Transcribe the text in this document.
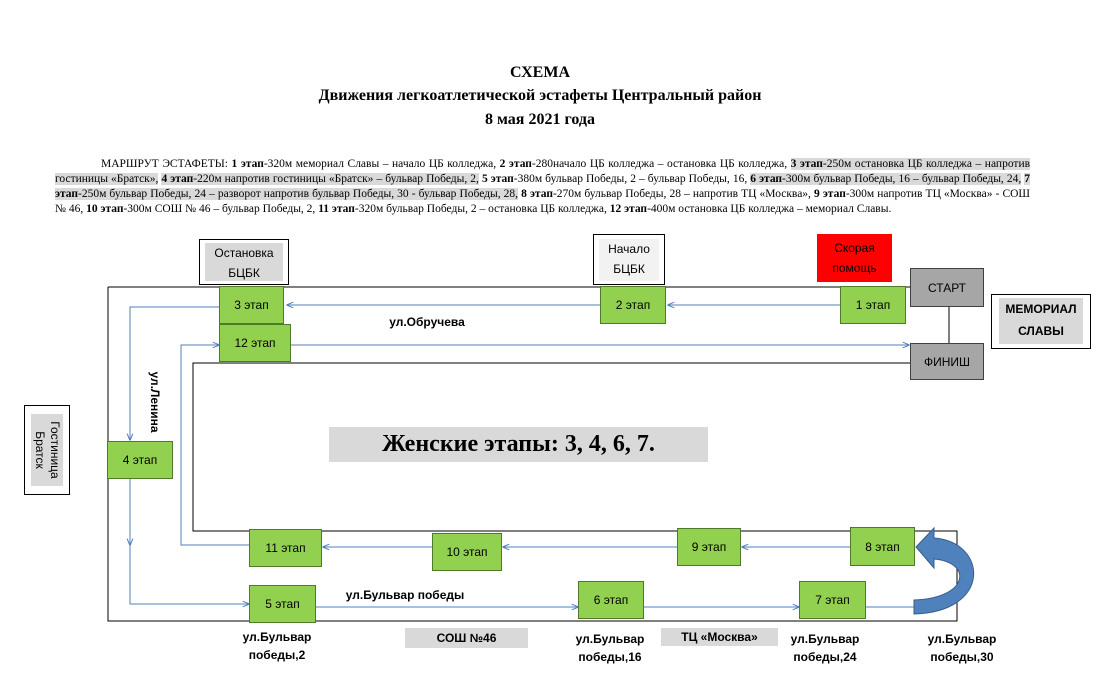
СХЕМА
Движения легкоатлетической эстафеты Центральный район
8 мая 2021 года
МАРШРУТ ЭСТАФЕТЫ: 1 этап-320м мемориал Славы – начало ЦБ колледжа, 2 этап-280начало ЦБ колледжа – остановка ЦБ колледжа, 3 этап-250м остановка ЦБ колледжа – напротив гостиницы «Братск», 4 этап-220м напротив гостиницы «Братск» – бульвар Победы, 2, 5 этап-380м бульвар Победы, 2 – бульвар Победы, 16, 6 этап-300м бульвар Победы, 16 – бульвар Победы, 24, 7 этап-250м бульвар Победы, 24 – разворот напротив бульвар Победы, 30 - бульвар Победы, 28, 8 этап-270м бульвар Победы, 28 – напротив ТЦ «Москва», 9 этап-300м напротив ТЦ «Москва» - СОШ № 46, 10 этап-300м СОШ № 46 – бульвар Победы, 2, 11 этап-320м бульвар Победы, 2 – остановка ЦБ колледжа, 12 этап-400м остановка ЦБ колледжа – мемориал Славы.
Остановка
БЦБК
Начало
БЦБК
Скорая
помощь
МЕМОРИАЛ
СЛАВЫ
Гостиница
Братск
СТАРТ
ФИНИШ
1 этап
2 этап
3 этап
12 этап
4 этап
11 этап	10 этап	9 этап	8 этап
5 этап	6 этап	7 этап
Женские этапы: 3, 4, 6, 7.
ул.Обручева
ул.Ленина
ул.Бульвар победы
ул.Бульвар
победы,2
ул.Бульвар
победы,16
ул.Бульвар
победы,24
ул.Бульвар
победы,30
СОШ №46	ТЦ «Москва»
